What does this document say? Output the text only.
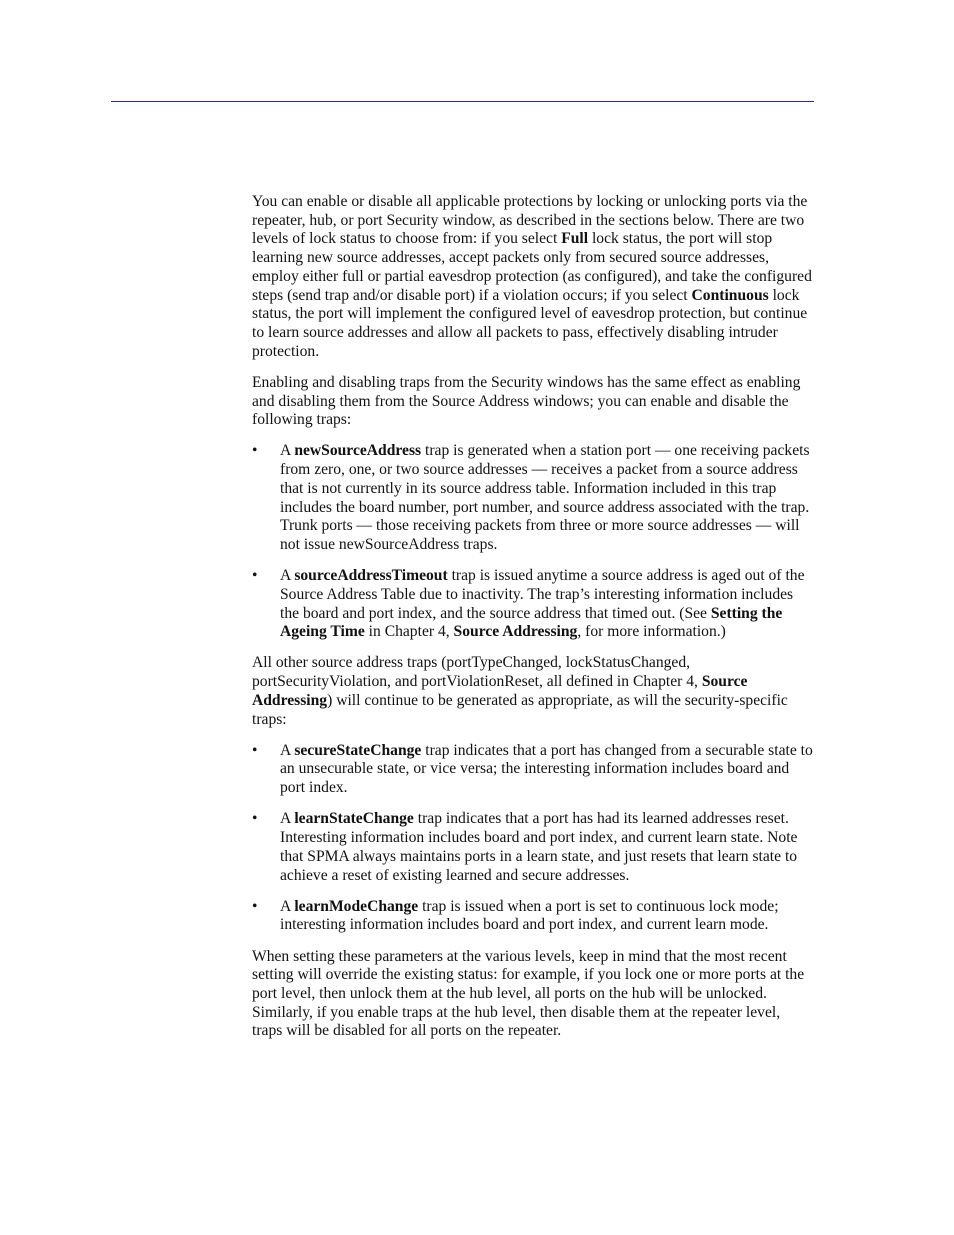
You can enable or disable all applicable protections by locking or unlocking ports via the repeater, hub, or port Security window, as described in the sections below. There are two levels of lock status to choose from: if you select Full lock status, the port will stop learning new source addresses, accept packets only from secured source addresses, employ either full or partial eavesdrop protection (as configured), and take the configured steps (send trap and/or disable port) if a violation occurs; if you select Continuous lock status, the port will implement the configured level of eavesdrop protection, but continue to learn source addresses and allow all packets to pass, effectively disabling intruder protection.

Enabling and disabling traps from the Security windows has the same effect as enabling and disabling them from the Source Address windows; you can enable and disable the following traps:

• A newSourceAddress trap is generated when a station port — one receiving packets from zero, one, or two source addresses — receives a packet from a source address that is not currently in its source address table. Information included in this trap includes the board number, port number, and source address associated with the trap. Trunk ports — those receiving packets from three or more source addresses — will not issue newSourceAddress traps.
• A sourceAddressTimeout trap is issued anytime a source address is aged out of the Source Address Table due to inactivity. The trap’s interesting information includes the board and port index, and the source address that timed out. (See Setting the Ageing Time in Chapter 4, Source Addressing, for more information.)

All other source address traps (portTypeChanged, lockStatusChanged, portSecurityViolation, and portViolationReset, all defined in Chapter 4, Source Addressing) will continue to be generated as appropriate, as will the security-specific traps:

• A secureStateChange trap indicates that a port has changed from a securable state to an unsecurable state, or vice versa; the interesting information includes board and port index.
• A learnStateChange trap indicates that a port has had its learned addresses reset. Interesting information includes board and port index, and current learn state. Note that SPMA always maintains ports in a learn state, and just resets that learn state to achieve a reset of existing learned and secure addresses.
• A learnModeChange trap is issued when a port is set to continuous lock mode; interesting information includes board and port index, and current learn mode.

When setting these parameters at the various levels, keep in mind that the most recent setting will override the existing status: for example, if you lock one or more ports at the port level, then unlock them at the hub level, all ports on the hub will be unlocked. Similarly, if you enable traps at the hub level, then disable them at the repeater level, traps will be disabled for all ports on the repeater.
